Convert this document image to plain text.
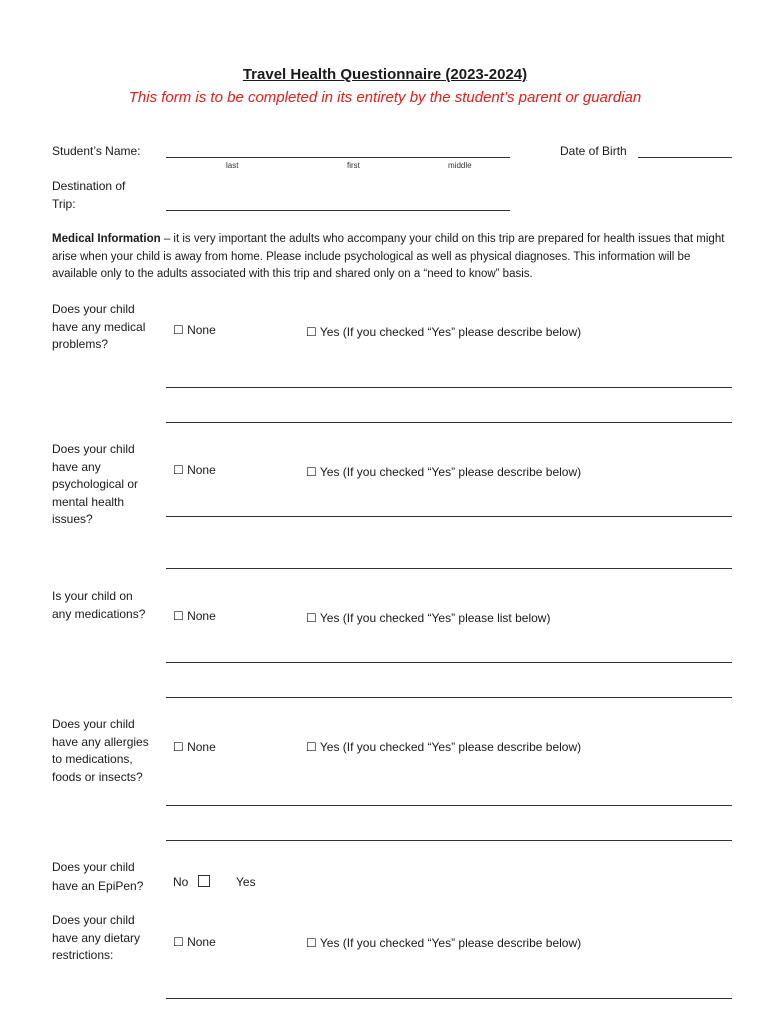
Travel Health Questionnaire (2023-2024)
This form is to be completed in its entirety by the student’s parent or guardian
Student’s Name:
last	first	middle
Date of Birth
Destination of
Trip:
Medical Information – it is very important the adults who accompany your child on this trip are prepared for health issues that might arise when your child is away from home. Please include psychological as well as physical diagnoses. This information will be available only to the adults associated with this trip and shared only on a “need to know” basis.
Does your child
have any medical
problems?
☐ None	☐ Yes (If you checked “Yes” please describe below)
Does your child
have any
psychological or
mental health
issues?
☐ None	☐ Yes (If you checked “Yes” please describe below)
Is your child on
any medications? ☐ None	☐ Yes (If you checked “Yes” please list below)
Does your child
have any allergies
to medications,
foods or insects?
☐ None	☐ Yes (If you checked “Yes” please describe below)
Does your child
have an EpiPen? No	Yes
Does your child
have any dietary
restrictions:
☐ None	☐ Yes (If you checked “Yes” please describe below)
